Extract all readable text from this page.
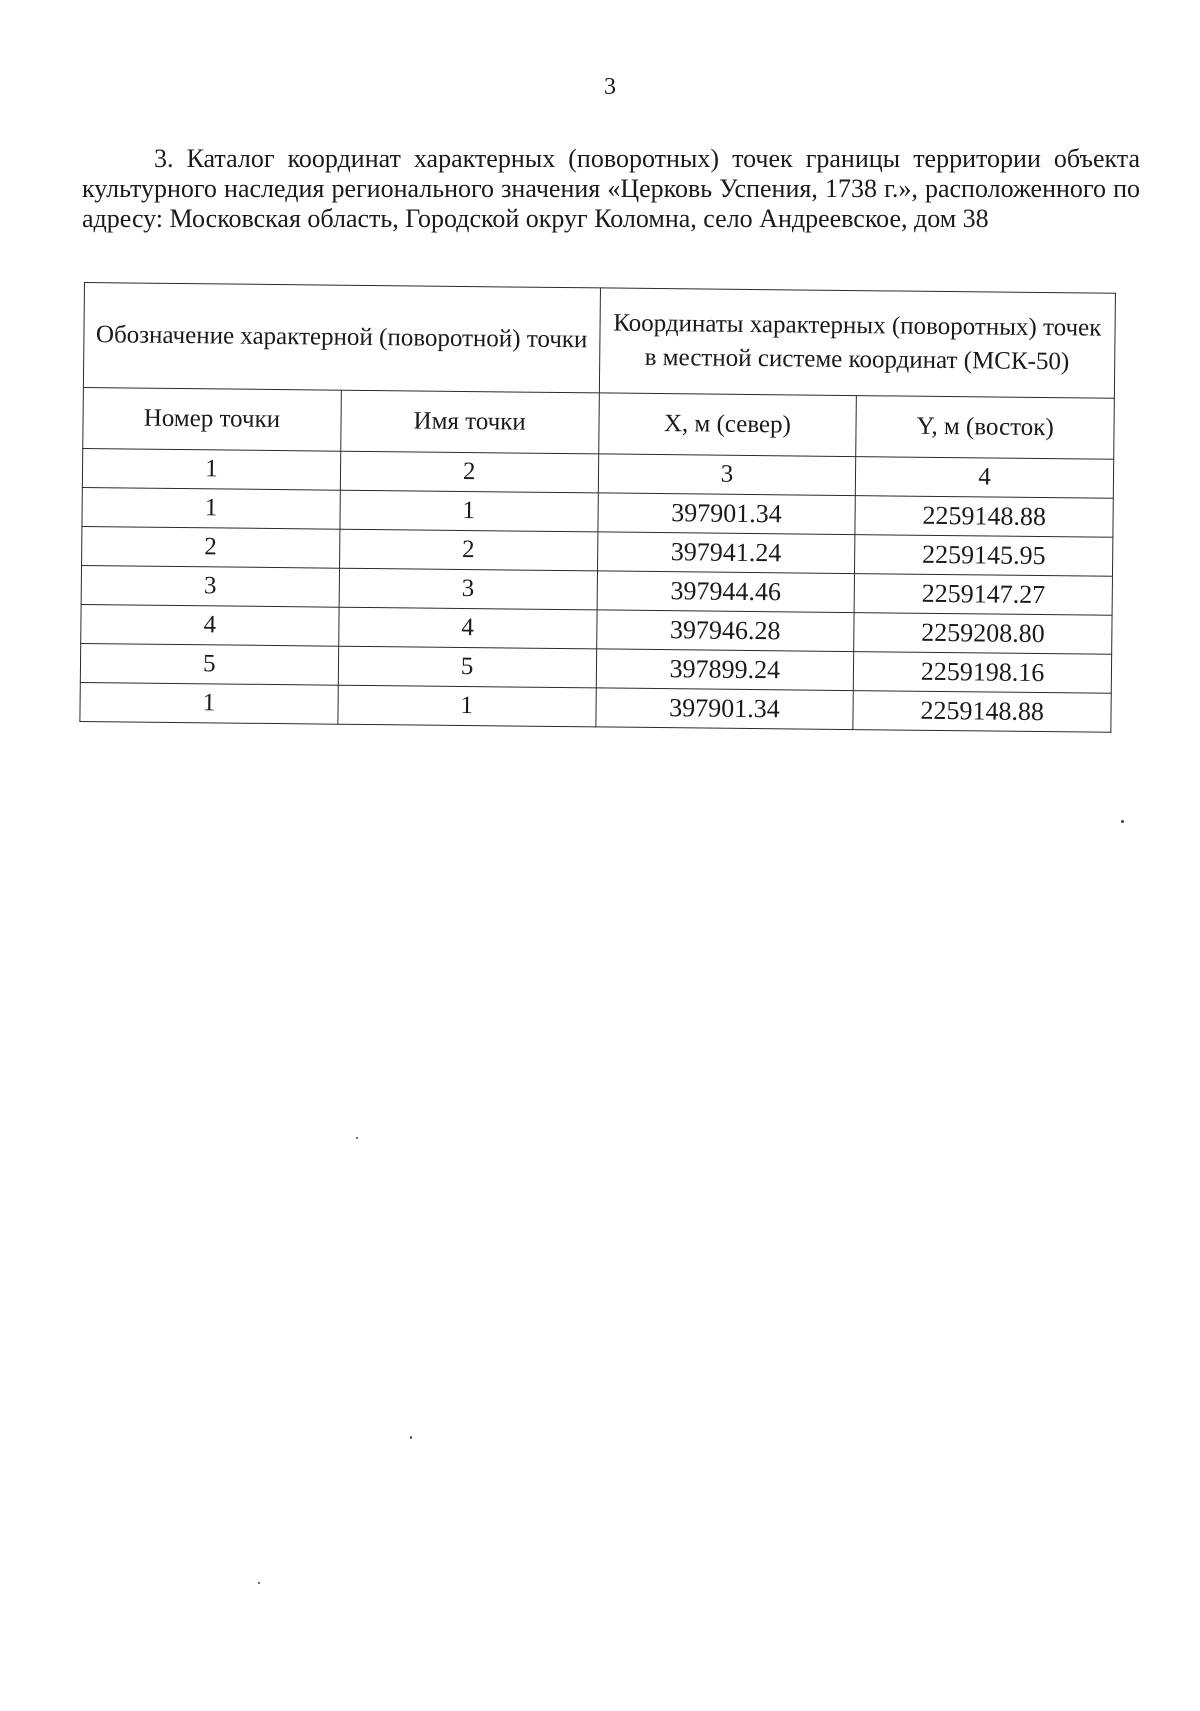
3

3. Каталог координат характерных (поворотных) точек границы территории объекта культурного наследия регионального значения «Церковь Успения, 1738 г.», расположенного по адресу: Московская область, Городской округ Коломна, село Андреевское, дом 38

Обозначение характерной (поворотной) точки		Координаты характерных (поворотных) точек в местной системе координат (МСК-50)	
Номер точки	Имя точки	X, м (север)	Y, м (восток)
1	2	3	4
1	1	397901.34	2259148.88
2	2	397941.24	2259145.95
3	3	397944.46	2259147.27
4	4	397946.28	2259208.80
5	5	397899.24	2259198.16
1	1	397901.34	2259148.88
